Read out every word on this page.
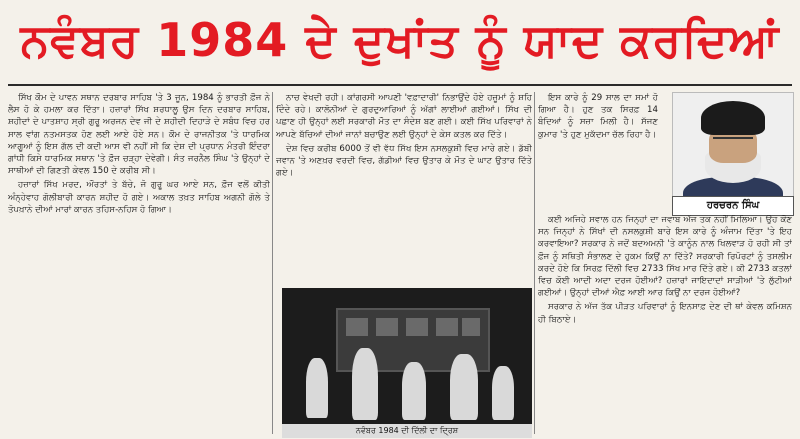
ਨਵੰਬਰ 1984 ਦੇ ਦੁਖਾਂਤ ਨੂੰ ਯਾਦ ਕਰਦਿਆਂ

ਸਿੱਖ ਕੌਮ ਦੇ ਪਾਵਨ ਸਥਾਨ ਦਰਬਾਰ ਸਾਹਿਬ 'ਤੇ 3 ਜੂਨ, 1984 ਨੂੰ ਭਾਰਤੀ ਫ਼ੌਜ ਨੇ ਲੈਸ ਹੋ ਕੇ ਹਮਲਾ ਕਰ ਦਿੱਤਾ। ਹਜ਼ਾਰਾਂ ਸਿੱਖ ਸ਼ਰਧਾਲੂ ਉਸ ਦਿਨ ਦਰਬਾਰ ਸਾਹਿਬ, ਸ਼ਹੀਦਾਂ ਦੇ ਪਾਤਸ਼ਾਹ ਸ੍ਰੀ ਗੁਰੂ ਅਰਜਨ ਦੇਵ ਜੀ ਦੇ ਸ਼ਹੀਦੀ ਦਿਹਾੜੇ ਦੇ ਸਬੰਧ ਵਿਚ ਹਰ ਸਾਲ ਵਾਂਗ ਨਤਮਸਤਕ ਹੋਣ ਲਈ ਆਏ ਹੋਏ ਸਨ। ਕੌਮ ਦੇ ਰਾਜਨੀਤਕ 'ਤੇ ਧਾਰਮਿਕ ਆਗੂਆਂ ਨੂੰ ਇਸ ਗੱਲ ਦੀ ਕਦੀ ਆਸ ਵੀ ਨਹੀਂ ਸੀ ਕਿ ਦੇਸ਼ ਦੀ ਪ੍ਰਧਾਨ ਮੰਤਰੀ ਇੰਦਰਾ ਗਾਂਧੀ ਕਿਸੇ ਧਾਰਮਿਕ ਸਥਾਨ 'ਤੇ ਫ਼ੌਜ ਚੜ੍ਹਾ ਦੇਵੇਗੀ। ਸੰਤ ਜਰਨੈਲ ਸਿੰਘ 'ਤੇ ਉਨ੍ਹਾਂ ਦੇ ਸਾਥੀਆਂ ਦੀ ਗਿਣਤੀ ਕੇਵਲ 150 ਦੇ ਕਰੀਬ ਸੀ।

ਹਜ਼ਾਰਾਂ ਸਿੱਖ ਮਰਦ, ਔਰਤਾਂ ਤੇ ਬੱਚੇ, ਜੋ ਗੁਰੂ ਘਰ ਆਏ ਸਨ, ਫ਼ੌਜ ਵਲੋਂ ਕੀਤੀ ਅੰਨ੍ਹੇਵਾਹ ਗੋਲੀਬਾਰੀ ਕਾਰਨ ਸ਼ਹੀਦ ਹੋ ਗਏ। ਅਕਾਲ ਤਖ਼ਤ ਸਾਹਿਬ ਅਗਨੀ ਗੋਲੇ ਤੇ ਤੋਪਖ਼ਾਨੇ ਦੀਆਂ ਮਾਰਾਂ ਕਾਰਨ ਤਹਿਸ-ਨਹਿਸ ਹੋ ਗਿਆ।

ਨਾਚ ਵੇਖਦੀ ਰਹੀ। ਕਾਂਗਰਸੀ ਆਪਣੀ 'ਵਫ਼ਾਦਾਰੀ' ਨਿਭਾਉਂਦੇ ਹੋਏ ਹਜੂਮਾਂ ਨੂੰ ਸ਼ਹਿ ਦਿੰਦੇ ਰਹੇ। ਕਾਲੋਨੀਆਂ ਦੇ ਗੁਰਦੁਆਰਿਆਂ ਨੂੰ ਅੱਗਾਂ ਲਾਈਆਂ ਗਈਆਂ। ਸਿੱਖ ਦੀ ਪਛਾਣ ਹੀ ਉਨ੍ਹਾਂ ਲਈ ਸਰਕਾਰੀ ਮੌਤ ਦਾ ਸੰਦੇਸ਼ ਬਣ ਗਈ। ਕਈ ਸਿੱਖ ਪਰਿਵਾਰਾਂ ਨੇ ਆਪਣੇ ਬੱਚਿਆਂ ਦੀਆਂ ਜਾਨਾਂ ਬਚਾਉਣ ਲਈ ਉਨ੍ਹਾਂ ਦੇ ਕੇਸ ਕਤਲ ਕਰ ਦਿੱਤੇ।

ਦੇਸ਼ ਵਿਚ ਕਰੀਬ 6000 ਤੋਂ ਵੀ ਵੱਧ ਸਿੱਖ ਇਸ ਨਸਲਕੁਸ਼ੀ ਵਿਚ ਮਾਰੇ ਗਏ। ਡੱਬੀ ਜਵਾਨ 'ਤੇ ਅਣਖ਼ਰ ਵਰਦੀ ਵਿਚ, ਗੱਡੀਆਂ ਵਿਚ ਉਤਾਰ ਕੇ ਮੌਤ ਦੇ ਘਾਟ ਉਤਾਰ ਦਿੱਤੇ ਗਏ।

ਨਵੰਬਰ 1984 ਦੀ ਦਿੱਲੀ ਦਾ ਦ੍ਰਿਸ਼

ਇਸ ਕਾਰੇ ਨੂੰ 29 ਸਾਲ ਦਾ ਸਮਾਂ ਹੋ ਗਿਆ ਹੈ। ਹੁਣ ਤਕ ਸਿਰਫ਼ 14 ਬੰਦਿਆਂ ਨੂੰ ਸਜ਼ਾ ਮਿਲੀ ਹੈ। ਸੱਜਣ ਕੁਮਾਰ 'ਤੇ ਹੁਣ ਮੁਕੱਦਮਾ ਚੱਲ ਰਿਹਾ ਹੈ।

ਹਰਚਰਨ ਸਿੰਘ

ਕਈ ਅਜਿਹੇ ਸਵਾਲ ਹਨ ਜਿਨ੍ਹਾਂ ਦਾ ਜਵਾਬ ਅੱਜ ਤਕ ਨਹੀਂ ਮਿਲਿਆ। ਉਹ ਕੌਣ ਸਨ ਜਿਨ੍ਹਾਂ ਨੇ ਸਿੱਖਾਂ ਦੀ ਨਸਲਕੁਸ਼ੀ ਬਾਰੇ ਇਸ ਕਾਰੇ ਨੂੰ ਅੰਜਾਮ ਦਿੱਤਾ 'ਤੇ ਇਹ ਕਰਵਾਇਆ? ਸਰਕਾਰ ਨੇ ਜਦੋਂ ਬਦਅਮਨੀ 'ਤੇ ਕਾਨੂੰਨ ਨਾਲ ਖਿਲਵਾੜ ਹੋ ਰਹੀ ਸੀ ਤਾਂ ਫ਼ੌਜ ਨੂੰ ਸਥਿਤੀ ਸੰਭਾਲਣ ਦੇ ਹੁਕਮ ਕਿਉਂ ਨਾ ਦਿੱਤੇ? ਸਰਕਾਰੀ ਰਿਪੋਰਟਾਂ ਨੂੰ ਤਸਲੀਮ ਕਰਦੇ ਹੋਏ ਕਿ ਸਿਰਫ਼ ਦਿੱਲੀ ਵਿਚ 2733 ਸਿੱਖ ਮਾਰ ਦਿੱਤੇ ਗਏ। ਕੀ 2733 ਕਤਲਾਂ ਵਿਚ ਕੋਈ ਆਦੀ ਅਦਾ ਦਰਜ ਹੋਈਆਂ? ਹਜ਼ਾਰਾਂ ਜਾਇਦਾਦਾਂ ਸਾੜੀਆਂ 'ਤੇ ਲੁੱਟੀਆਂ ਗਈਆਂ। ਉਨ੍ਹਾਂ ਦੀਆਂ ਐਫ਼ ਆਈ ਆਰ ਕਿਉਂ ਨਾ ਦਰਜ ਹੋਈਆਂ?

ਸਰਕਾਰ ਨੇ ਅੱਜ ਤੱਕ ਪੀੜਤ ਪਰਿਵਾਰਾਂ ਨੂੰ ਇਨਸਾਫ਼ ਦੇਣ ਦੀ ਥਾਂ ਕੇਵਲ ਕਮਿਸ਼ਨ ਹੀ ਬਿਠਾਏ।
